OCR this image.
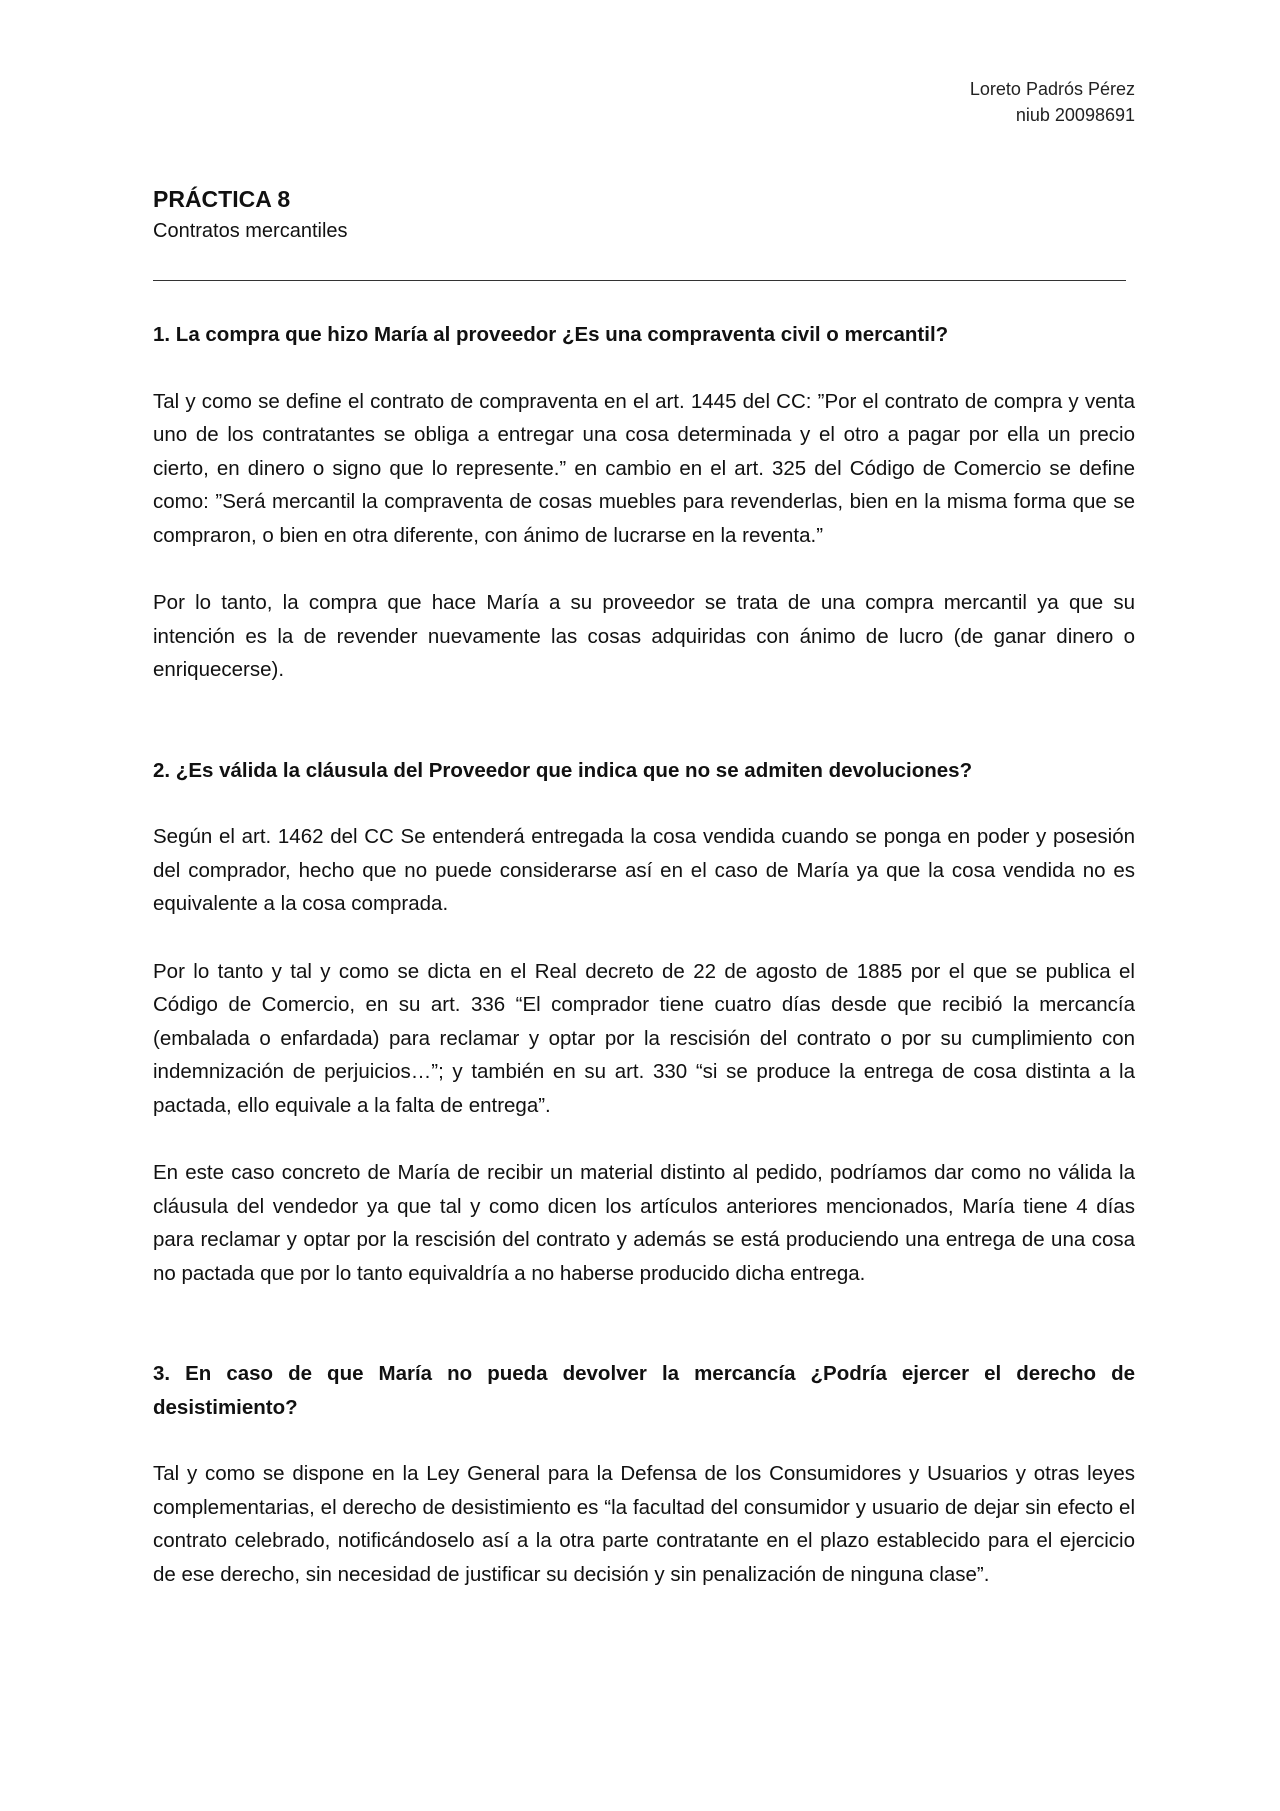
Loreto Padrós Pérez
niub 20098691
PRÁCTICA 8

Contratos mercantiles

1. La compra que hizo María al proveedor ¿Es una compraventa civil o mercantil?

Tal y como se define el contrato de compraventa en el art. 1445 del CC: ”Por el contrato de compra y venta uno de los contratantes se obliga a entregar una cosa determinada y el otro a pagar por ella un precio cierto, en dinero o signo que lo represente.” en cambio en el art. 325 del Código de Comercio se define como: ”Será mercantil la compraventa de cosas muebles para revenderlas, bien en la misma forma que se compraron, o bien en otra diferente, con ánimo de lucrarse en la reventa.”

Por lo tanto, la compra que hace María a su proveedor se trata de una compra mercantil ya que su intención es la de revender nuevamente las cosas adquiridas con ánimo de lucro (de ganar dinero o enriquecerse).

2. ¿Es válida la cláusula del Proveedor que indica que no se admiten devoluciones?

Según el art. 1462 del CC Se entenderá entregada la cosa vendida cuando se ponga en poder y posesión del comprador, hecho que no puede considerarse así en el caso de María ya que la cosa vendida no es equivalente a la cosa comprada.

Por lo tanto y tal y como se dicta en el Real decreto de 22 de agosto de 1885 por el que se publica el Código de Comercio, en su art. 336 “El comprador tiene cuatro días desde que recibió la mercancía (embalada o enfardada) para reclamar y optar por la rescisión del contrato o por su cumplimiento con indemnización de perjuicios…”; y también en su art. 330 “si se produce la entrega de cosa distinta a la pactada, ello equivale a la falta de entrega”.

En este caso concreto de María de recibir un material distinto al pedido, podríamos dar como no válida la cláusula del vendedor ya que tal y como dicen los artículos anteriores mencionados, María tiene 4 días para reclamar y optar por la rescisión del contrato y además se está produciendo una entrega de una cosa no pactada que por lo tanto equivaldría a no haberse producido dicha entrega.

3. En caso de que María no pueda devolver la mercancía ¿Podría ejercer el derecho de desistimiento?

Tal y como se dispone en la Ley General para la Defensa de los Consumidores y Usuarios y otras leyes complementarias, el derecho de desistimiento es “la facultad del consumidor y usuario de dejar sin efecto el contrato celebrado, notificándoselo así a la otra parte contratante en el plazo establecido para el ejercicio de ese derecho, sin necesidad de justificar su decisión y sin penalización de ninguna clase”.
